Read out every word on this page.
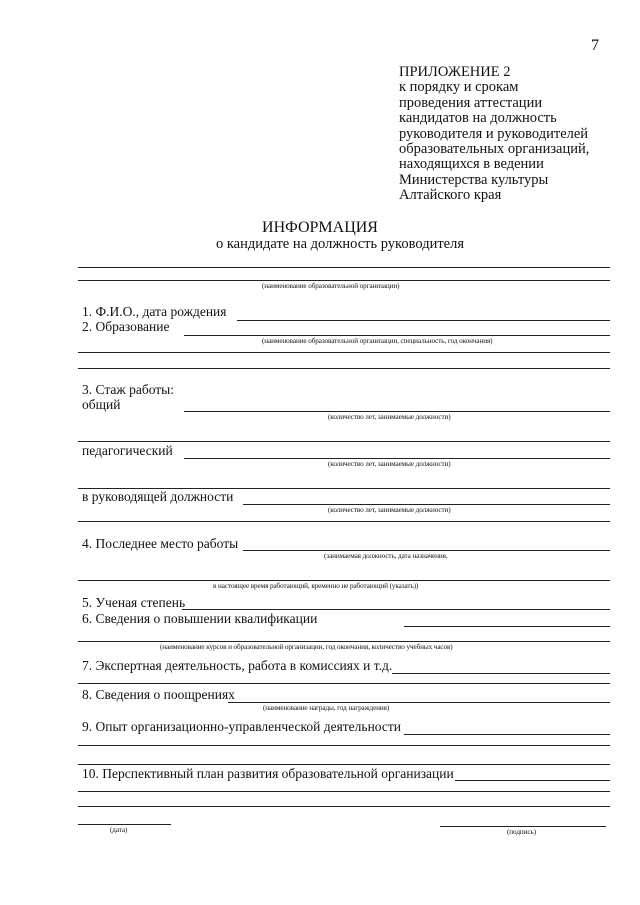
7
ПРИЛОЖЕНИЕ 2
к порядку и срокам
проведения аттестации
кандидатов на должность
руководителя и руководителей
образовательных организаций,
находящихся в ведении
Министерства культуры
Алтайского края
ИНФОРМАЦИЯ
о кандидате на должность руководителя
(наименование образовательной организации)
1. Ф.И.О., дата рождения
2. Образование
(наименование образовательной организации, специальность, год окончания)
3. Стаж работы:
общий
(количество лет, занимаемые должности)
педагогический
(количество лет, занимаемые должности)
в руководящей должности
(количество лет, занимаемые должности)
4. Последнее место работы
(занимаемая должность, дата назначения,
в настоящее время работающий, временно не работающий (указать))
5. Ученая степень
6. Сведения о повышении квалификации
(наименование курсов и образовательной организации, год окончания, количество учебных часов)
7. Экспертная деятельность, работа в комиссиях и т.д.
8. Сведения о поощрениях
(наименование награды, год награждения)
9. Опыт организационно-управленческой деятельности
10. Перспективный план развития образовательной организации
(дата)	(подпись)
